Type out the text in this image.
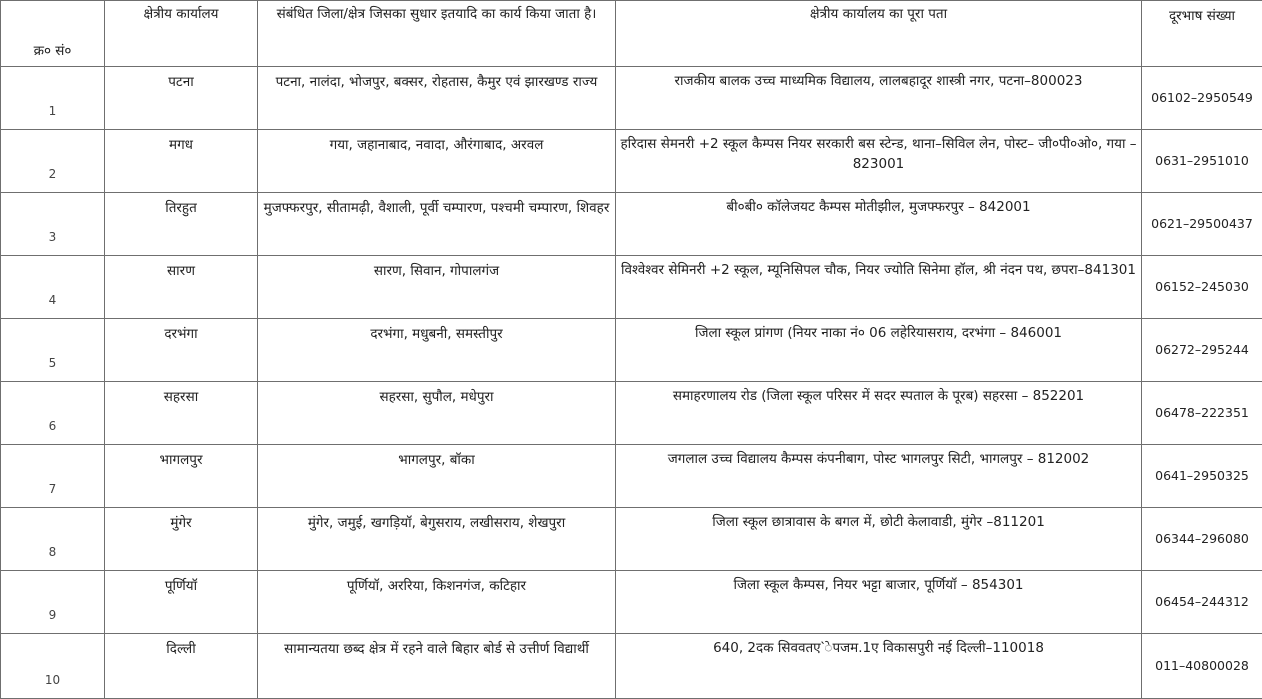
क्र० सं०	क्षेत्रीय कार्यालय	संबंधित जिला/क्षेत्र जिसका सुधार इतयादि का कार्य किया जाता है।	क्षेत्रीय कार्यालय का पूरा पता	दूरभाष संख्या
1	पटना	पटना, नालंदा, भोजपुर, बक्सर, रोहतास, कैमुर एवं झारखण्ड राज्य	राजकीय बालक उच्च माध्यमिक विद्यालय, लालबहादूर शास्त्री नगर, पटना–800023	06102–2950549
2	मगध	गया, जहानाबाद, नवादा, औरंगाबाद, अरवल	हरिदास सेमनरी +2 स्कूल कैम्पस नियर सरकारी बस स्टेन्ड, थाना–सिविल लेन, पोस्ट– जी०पी०ओ०, गया – 823001	0631–2951010
3	तिरहुत	मुजफ्फरपुर, सीतामढ़ी, वैशाली, पूर्वी चम्पारण, पश्चमी चम्पारण, शिवहर	बी०बी० कॉलेजयट कैम्पस मोतीझील, मुजफ्फरपुर – 842001	0621–29500437
4	सारण	सारण, सिवान, गोपालगंज	विश्वेश्वर सेमिनरी +2 स्कूल, म्यूनिसिपल चौक, नियर ज्योति सिनेमा हॉल, श्री नंदन पथ, छपरा–841301	06152–245030
5	दरभंगा	दरभंगा, मधुबनी, समस्तीपुर	जिला स्कूल प्रांगण (नियर नाका नं० 06 लहेरियासराय, दरभंगा – 846001	06272–295244
6	सहरसा	सहरसा, सुपौल, मधेपुरा	समाहरणालय रोड (जिला स्कूल परिसर में सदर स्पताल के पूरब) सहरसा – 852201	06478–222351
7	भागलपुर	भागलपुर, बॉका	जगलाल उच्च विद्यालय कैम्पस कंपनीबाग, पोस्ट भागलपुर सिटी, भागलपुर – 812002	0641–2950325
8	मुंगेर	मुंगेर, जमुई, खगड़ियॉ, बेगुसराय, लखीसराय, शेखपुरा	जिला स्कूल छात्रावास के बगल में, छोटी केलावाडी, मुंगेर –811201	06344–296080
9	पूर्णियॉ	पूर्णियॉ, अररिया, किशनगंज, कटिहार	जिला स्कूल कैम्पस, नियर भट्टा बाजार, पूर्णियॉ – 854301	06454–244312
10	दिल्ली	सामान्यतया छब्द क्षेत्र में रहने वाले बिहार बोर्ड से उत्तीर्ण विद्यार्थी	640, 2दक सिववतए`ेपजम.1ए विकासपुरी नई दिल्ली–110018	011–40800028
